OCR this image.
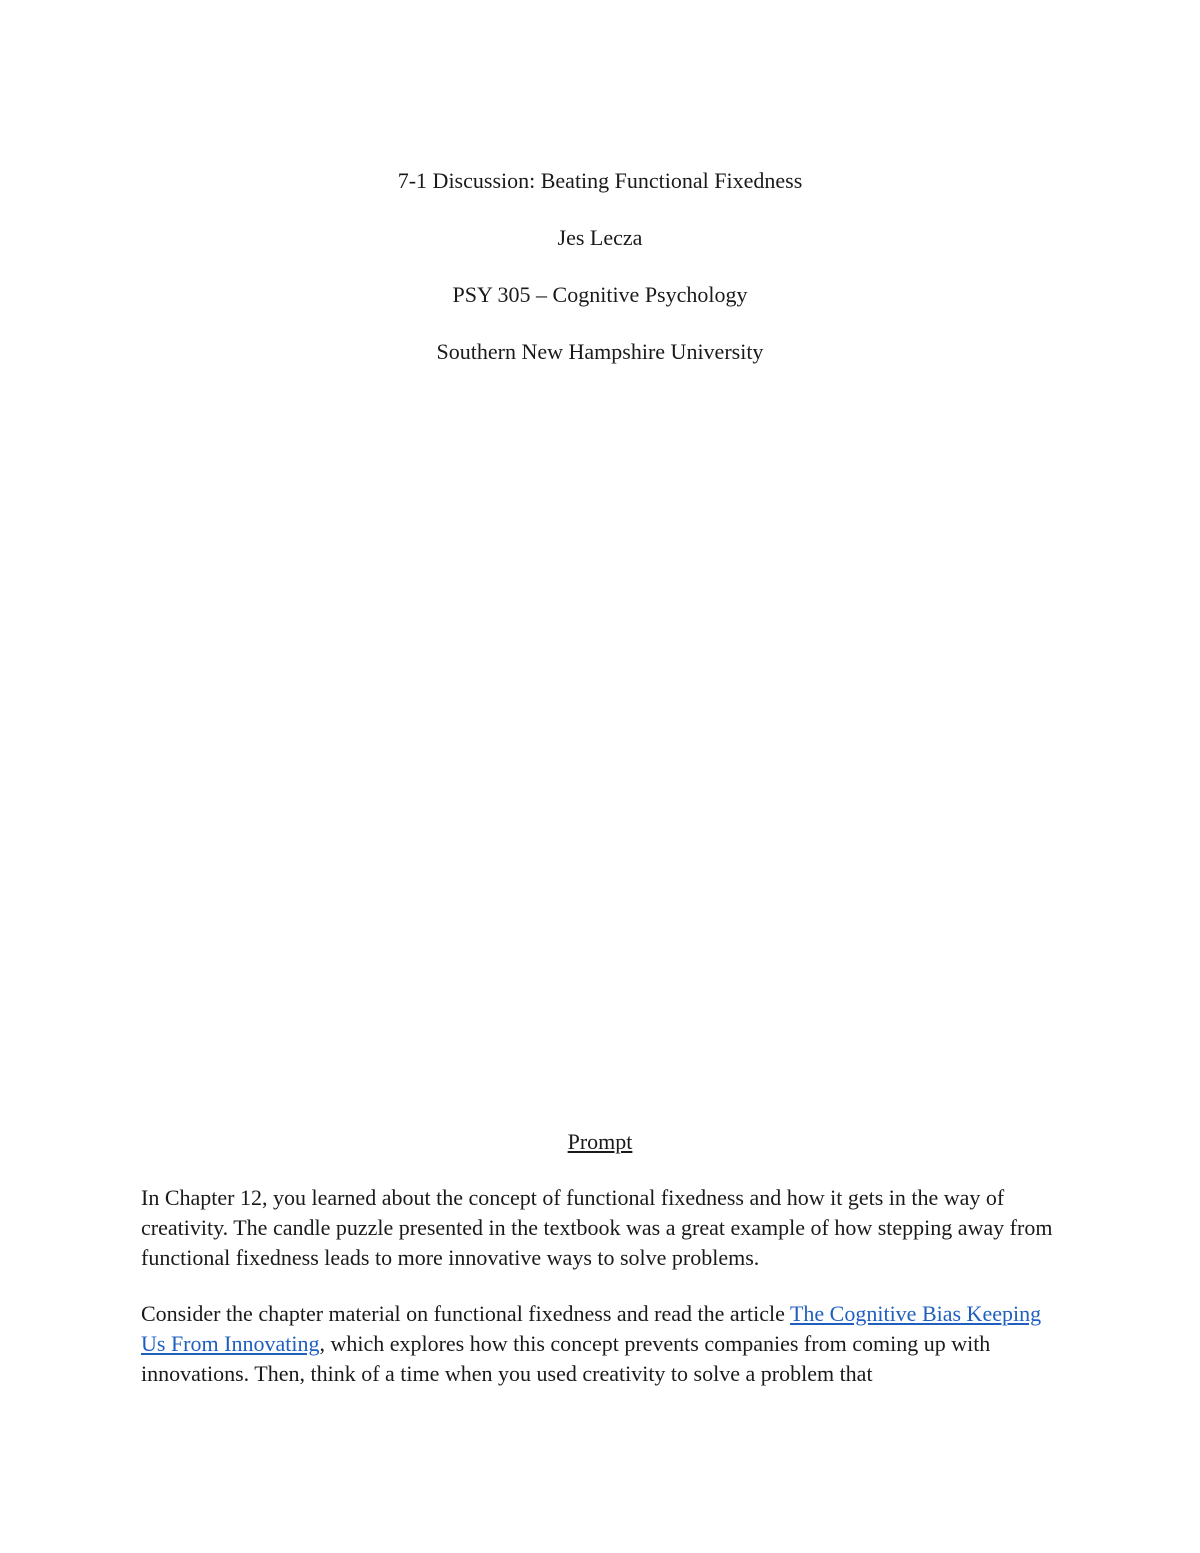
7-1 Discussion: Beating Functional Fixedness

Jes Lecza

PSY 305 – Cognitive Psychology

Southern New Hampshire University

Prompt

In Chapter 12, you learned about the concept of functional fixedness and how it gets in the way of creativity. The candle puzzle presented in the textbook was a great example of how stepping away from functional fixedness leads to more innovative ways to solve problems.

Consider the chapter material on functional fixedness and read the article The Cognitive Bias Keeping Us From Innovating, which explores how this concept prevents companies from coming up with innovations. Then, think of a time when you used creativity to solve a problem that
